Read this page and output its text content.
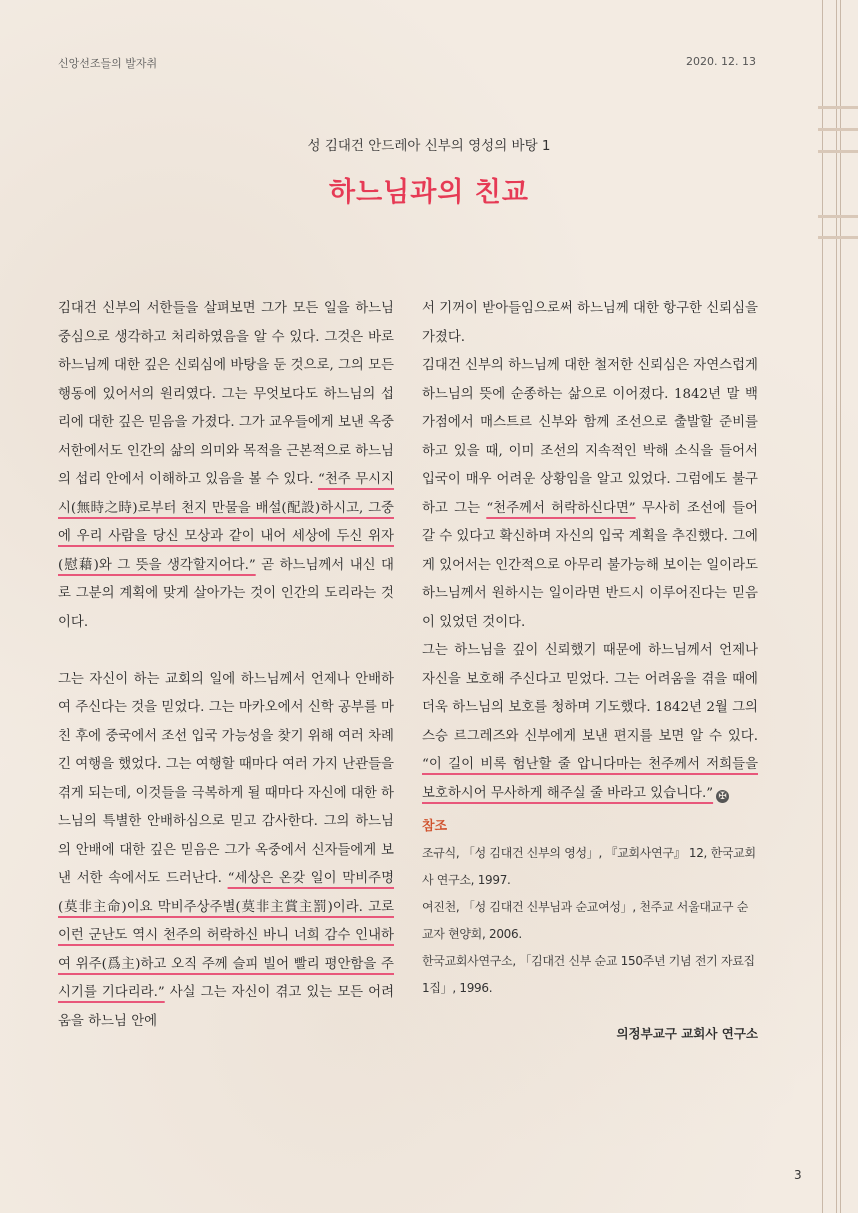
신앙선조들의 발자취	2020. 12. 13
성 김대건 안드레아 신부의 영성의 바탕 1
하느님과의 친교

김대건 신부의 서한들을 살펴보면 그가 모든 일을 하느님 중심으로 생각하고 처리하였음을 알 수 있다. 그것은 바로 하느님께 대한 깊은 신뢰심에 바탕을 둔 것으로, 그의 모든 행동에 있어서의 원리였다. 그는 무엇보다도 하느님의 섭리에 대한 깊은 믿음을 가졌다. 그가 교우들에게 보낸 옥중 서한에서도 인간의 삶의 의미와 목적을 근본적으로 하느님의 섭리 안에서 이해하고 있음을 볼 수 있다. “천주 무시지시(無時之時)로부터 천지 만물을 배설(配設)하시고, 그중에 우리 사람을 당신 모상과 같이 내어 세상에 두신 위자(慰藉)와 그 뜻을 생각할지어다.” 곧 하느님께서 내신 대로 그분의 계획에 맞게 살아가는 것이 인간의 도리라는 것이다.

그는 자신이 하는 교회의 일에 하느님께서 언제나 안배하여 주신다는 것을 믿었다. 그는 마카오에서 신학 공부를 마친 후에 중국에서 조선 입국 가능성을 찾기 위해 여러 차례 긴 여행을 했었다. 그는 여행할 때마다 여러 가지 난관들을 겪게 되는데, 이것들을 극복하게 될 때마다 자신에 대한 하느님의 특별한 안배하심으로 믿고 감사한다. 그의 하느님의 안배에 대한 깊은 믿음은 그가 옥중에서 신자들에게 보낸 서한 속에서도 드러난다. “세상은 온갖 일이 막비주명(莫非主命)이요 막비주상주별(莫非主賞主罰)이라. 고로 이런 군난도 역시 천주의 허락하신 바니 너희 감수 인내하여 위주(爲主)하고 오직 주께 슬피 빌어 빨리 평안함을 주시기를 기다리라.” 사실 그는 자신이 겪고 있는 모든 어려움을 하느님 안에

서 기꺼이 받아들임으로써 하느님께 대한 항구한 신뢰심을 가졌다.

김대건 신부의 하느님께 대한 철저한 신뢰심은 자연스럽게 하느님의 뜻에 순종하는 삶으로 이어졌다. 1842년 말 백가점에서 매스트르 신부와 함께 조선으로 출발할 준비를 하고 있을 때, 이미 조선의 지속적인 박해 소식을 들어서 입국이 매우 어려운 상황임을 알고 있었다. 그럼에도 불구하고 그는 “천주께서 허락하신다면” 무사히 조선에 들어갈 수 있다고 확신하며 자신의 입국 계획을 추진했다. 그에게 있어서는 인간적으로 아무리 불가능해 보이는 일이라도 하느님께서 원하시는 일이라면 반드시 이루어진다는 믿음이 있었던 것이다.

그는 하느님을 깊이 신뢰했기 때문에 하느님께서 언제나 자신을 보호해 주신다고 믿었다. 그는 어려움을 겪을 때에 더욱 하느님의 보호를 청하며 기도했다. 1842년 2월 그의 스승 르그레즈와 신부에게 보낸 편지를 보면 알 수 있다. “이 길이 비록 험난할 줄 압니다마는 천주께서 저희들을 보호하시어 무사하게 해주실 줄 바라고 있습니다.” ✠

참조

조규식, 「성 김대건 신부의 영성」, 『교회사연구』 12, 한국교회사 연구소, 1997.

여진천, 「성 김대건 신부님과 순교여성」, 천주교 서울대교구 순교자 현양회, 2006.

한국교회사연구소, 「김대건 신부 순교 150주년 기념 전기 자료집 1집」, 1996.

의정부교구 교회사 연구소
3
